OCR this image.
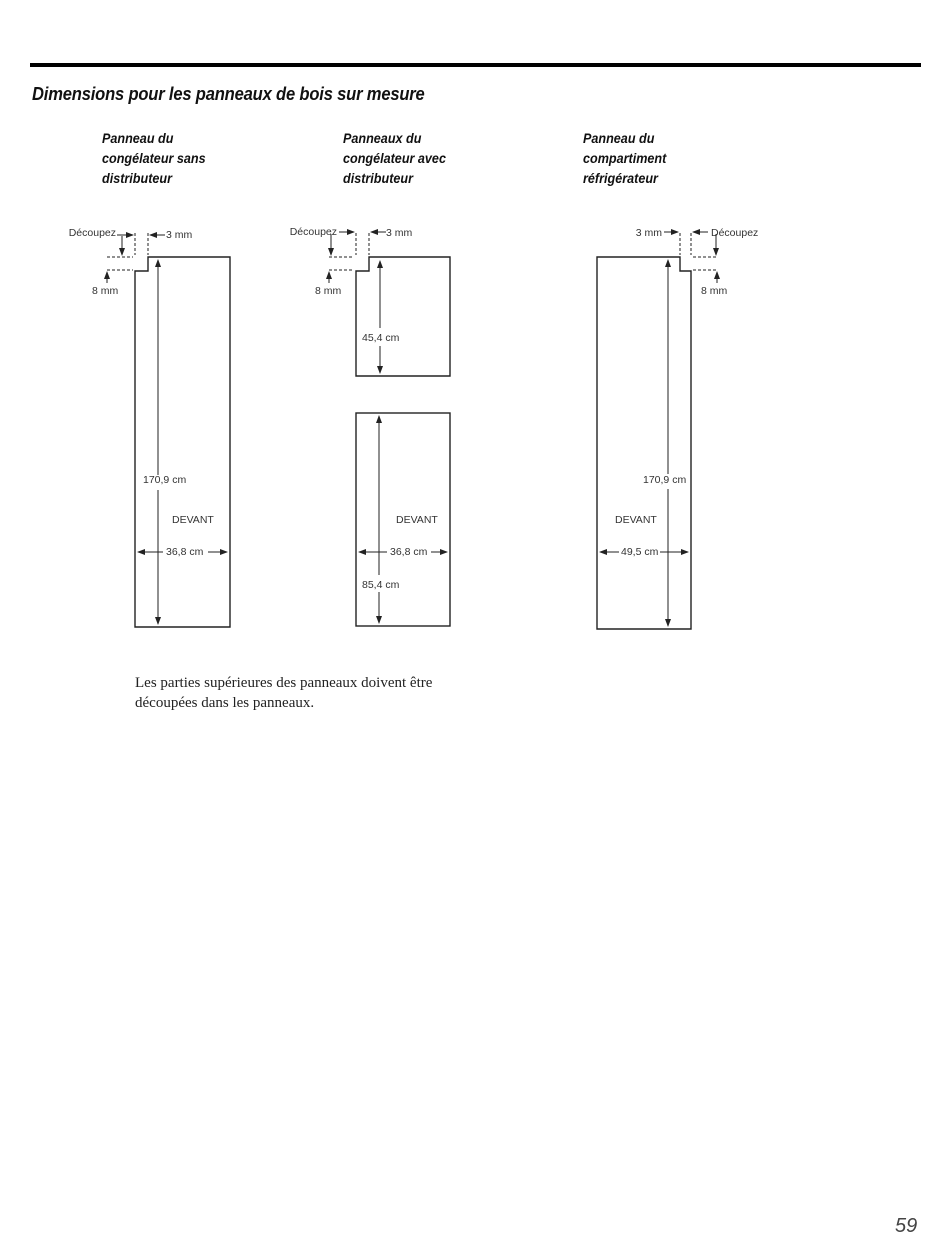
Dimensions pour les panneaux de bois sur mesure
Panneau du
congélateur sans
distributeur
Panneaux du
congélateur avec
distributeur
Panneau du
compartiment
réfrigérateur
Découpez	3 mm
8 mm
170,9 cm
DEVANT
36,8 cm
Découpez	3 mm
8 mm
45,4 cm
DEVANT
36,8 cm
85,4 cm
3 mm	Découpez
8 mm
170,9 cm
DEVANT
49,5 cm
Les parties supérieures des panneaux doivent être
découpées dans les panneaux.
59
